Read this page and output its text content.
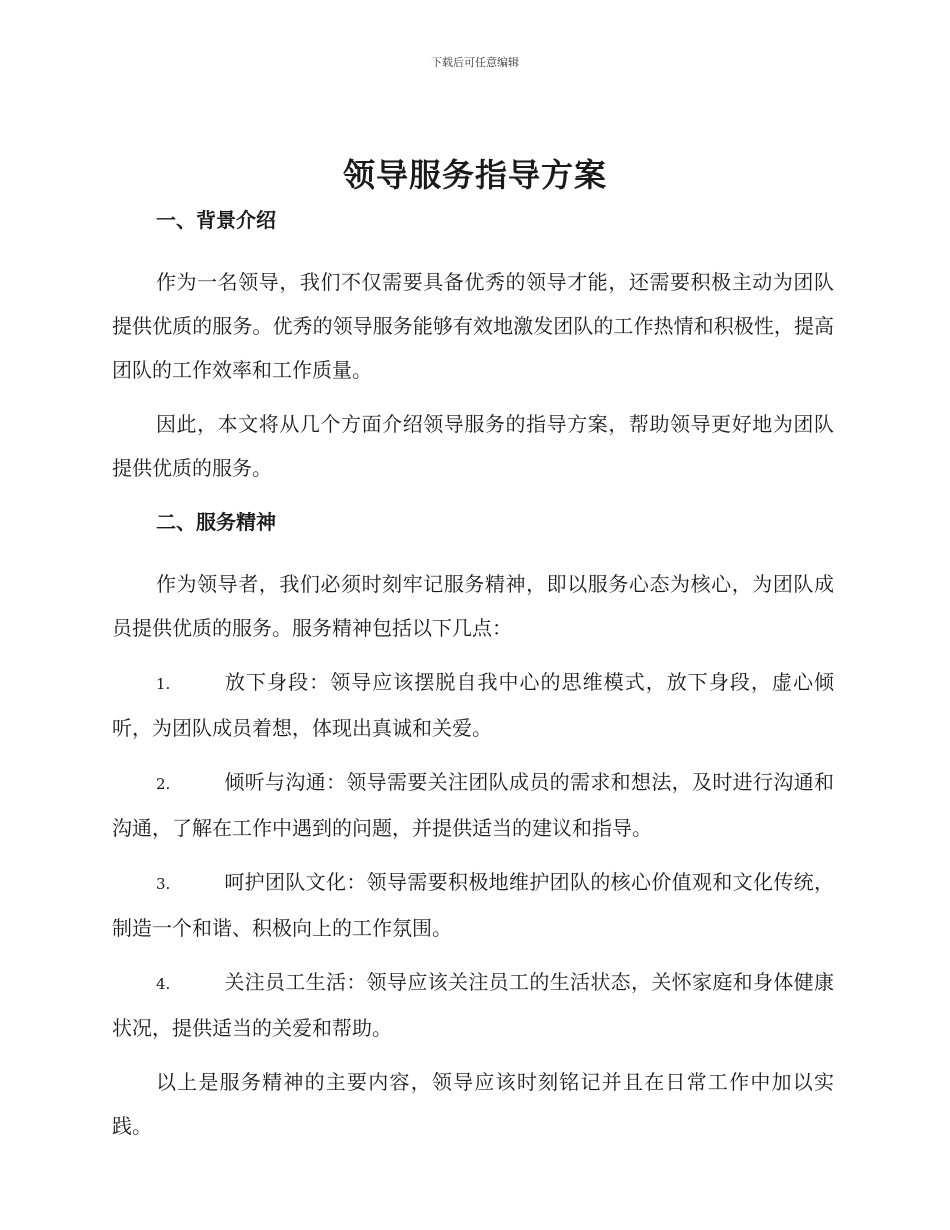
下载后可任意编辑
领导服务指导方案
一、背景介绍

作为一名领导，我们不仅需要具备优秀的领导才能，还需要积极主动为团队提供优质的服务。优秀的领导服务能够有效地激发团队的工作热情和积极性，提高团队的工作效率和工作质量。

因此，本文将从几个方面介绍领导服务的指导方案，帮助领导更好地为团队提供优质的服务。

二、服务精神

作为领导者，我们必须时刻牢记服务精神，即以服务心态为核心，为团队成员提供优质的服务。服务精神包括以下几点：

1.	放下身段：领导应该摆脱自我中心的思维模式，放下身段，虚心倾听，为团队成员着想，体现出真诚和关爱。

2.	倾听与沟通：领导需要关注团队成员的需求和想法，及时进行沟通和沟通，了解在工作中遇到的问题，并提供适当的建议和指导。

3.	呵护团队文化：领导需要积极地维护团队的核心价值观和文化传统，制造一个和谐、积极向上的工作氛围。

4.	关注员工生活：领导应该关注员工的生活状态，关怀家庭和身体健康状况，提供适当的关爱和帮助。

以上是服务精神的主要内容，领导应该时刻铭记并且在日常工作中加以实践。
